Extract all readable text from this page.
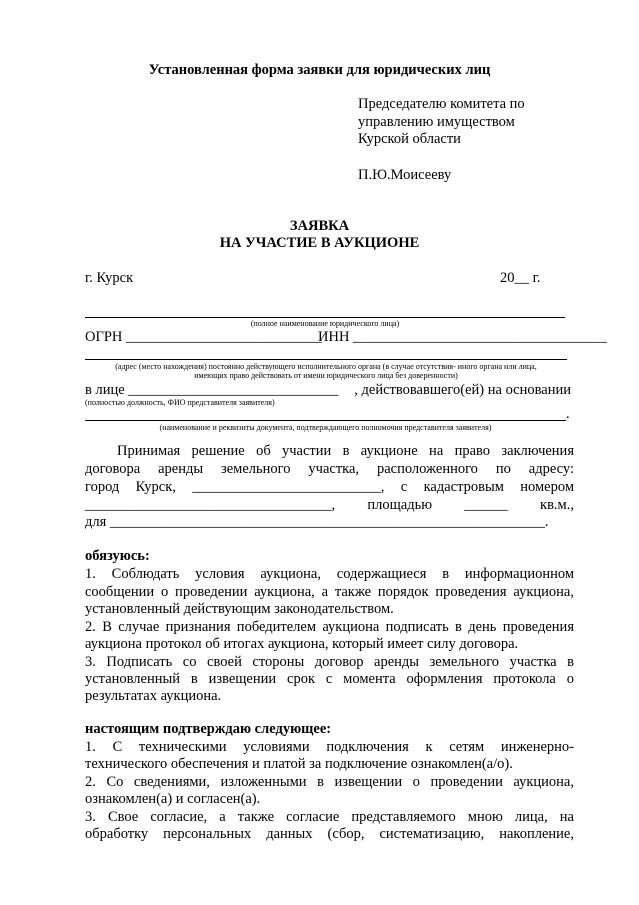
Установленная форма заявки для юридических лиц
Председателю комитета по
управлению имуществом
Курской области
П.Ю.Моисееву
ЗАЯВКА
НА УЧАСТИЕ В АУКЦИОНЕ
г. Курск	20__ г.
(полное наименование юридического лица)
ОГРН ___________________________
ИНН ___________________________________
(адрес (место нахождения) постоянно действующего исполнительного органа (в случае отсутствия- иного органа или лица,
имеющих право действовать от имени юридического лица без доверенности)
в лице _____________________________ , действовавшего(ей) на основании
(полностью должность, ФИО представителя заявителя)
.
(наименование и реквизиты документа, подтверждающего полномочия представителя заявителя)
Принимая решение об участии в аукционе на право заключения
договора аренды земельного участка, расположенного по адресу:
город Курск, __________________________, с кадастровым номером
__________________________________, площадью ______ кв.м.,
для ____________________________________________________________.
обязуюсь:
1. Соблюдать условия аукциона, содержащиеся в информационном
сообщении о проведении аукциона, а также порядок проведения аукциона,
установленный действующим законодательством.
2. В случае признания победителем аукциона подписать в день проведения
аукциона протокол об итогах аукциона, который имеет силу договора.
3. Подписать со своей стороны договор аренды земельного участка в
установленный в извещении срок с момента оформления протокола о
результатах аукциона.
настоящим подтверждаю следующее:
1. С техническими условиями подключения к сетям инженерно-
технического обеспечения и платой за подключение ознакомлен(а/о).
2. Со сведениями, изложенными в извещении о проведении аукциона,
ознакомлен(а) и согласен(а).
3. Свое согласие, а также согласие представляемого мною лица, на
обработку персональных данных (сбор, систематизацию, накопление,
